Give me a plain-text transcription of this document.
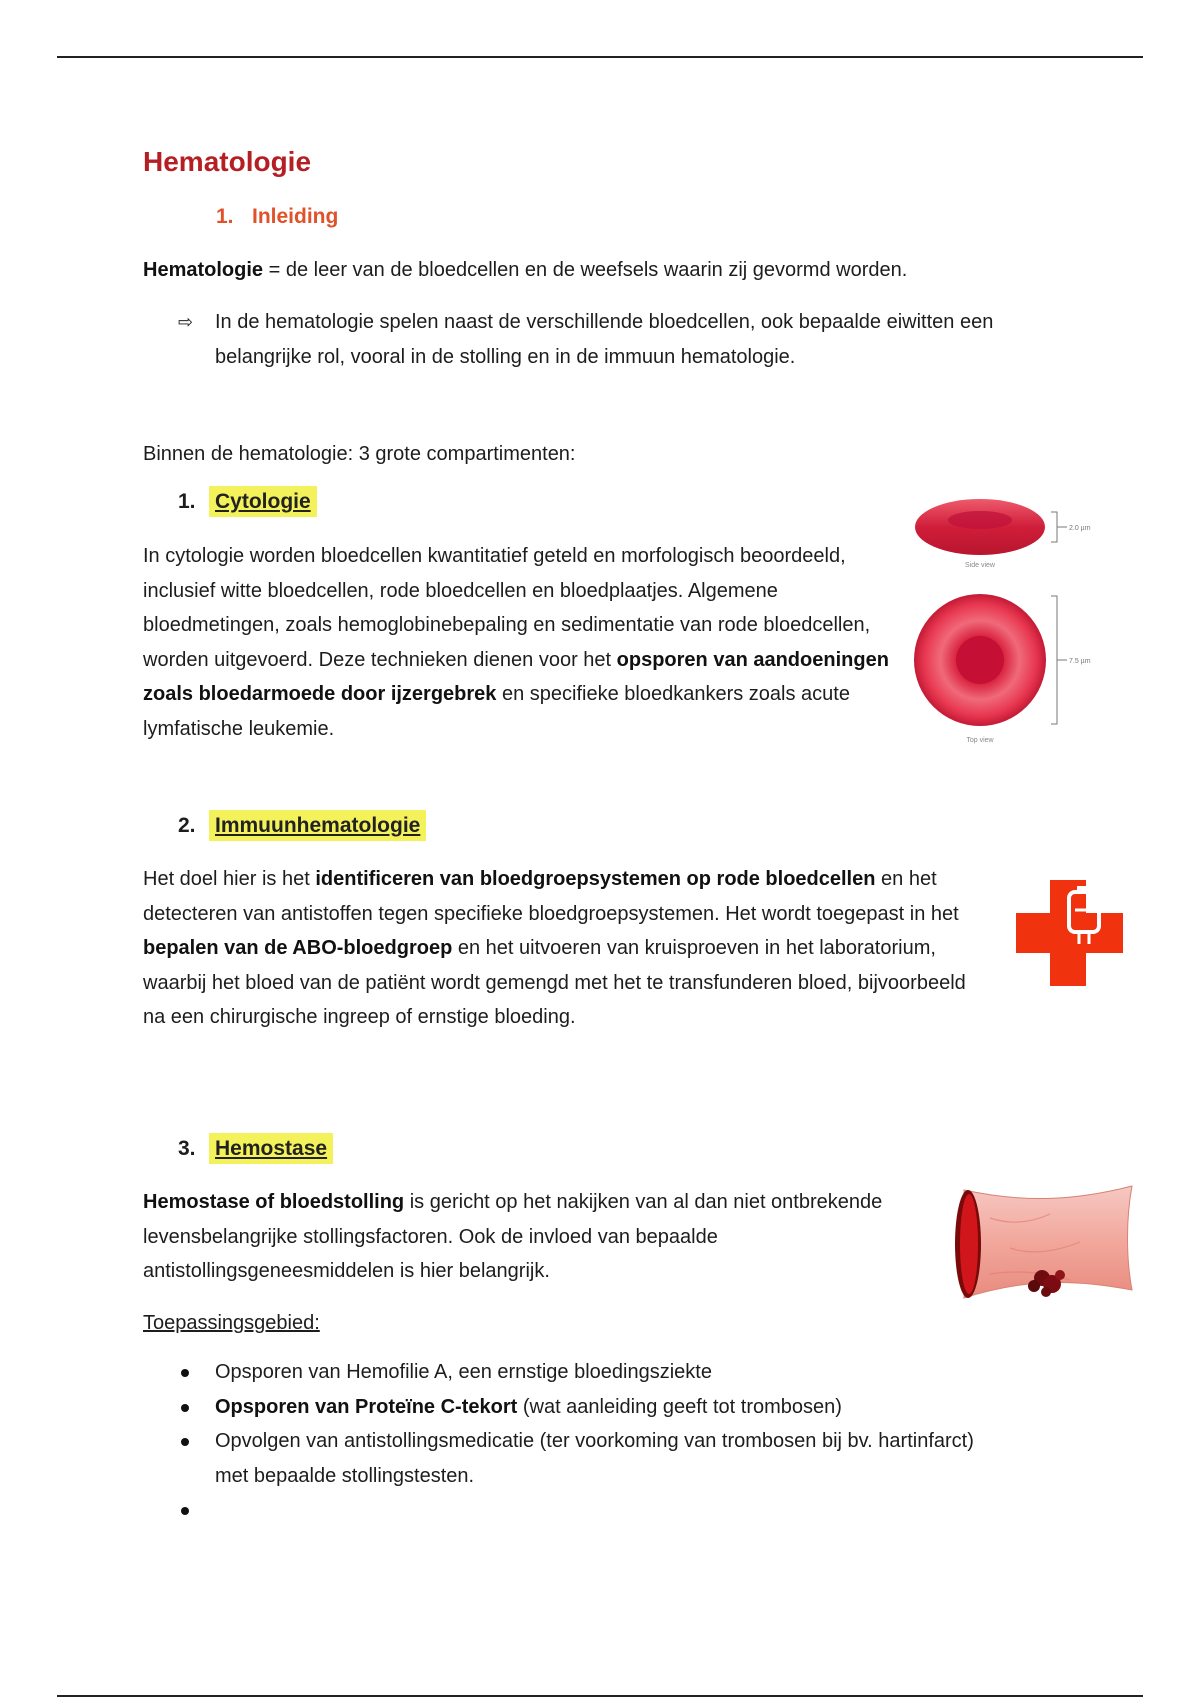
Hematologie
1. Inleiding
Hematologie = de leer van de bloedcellen en de weefsels waarin zij gevormd worden.
⇨ In de hematologie spelen naast de verschillende bloedcellen, ook bepaalde eiwitten een belangrijke rol, vooral in de stolling en in de immuun hematologie.
Binnen de hematologie: 3 grote compartimenten:
1. Cytologie
In cytologie worden bloedcellen kwantitatief geteld en morfologisch beoordeeld, inclusief witte bloedcellen, rode bloedcellen en bloedplaatjes. Algemene bloedmetingen, zoals hemoglobinebepaling en sedimentatie van rode bloedcellen, worden uitgevoerd. Deze technieken dienen voor het opsporen van aandoeningen zoals bloedarmoede door ijzergebrek en specifieke bloedkankers zoals acute lymfatische leukemie.
Side view
2.0 µm
7.5 µm
Top view
2. Immuunhematologie
Het doel hier is het identificeren van bloedgroepsystemen op rode bloedcellen en het detecteren van antistoffen tegen specifieke bloedgroepsystemen. Het wordt toegepast in het bepalen van de ABO-bloedgroep en het uitvoeren van kruisproeven in het laboratorium, waarbij het bloed van de patiënt wordt gemengd met het te transfunderen bloed, bijvoorbeeld na een chirurgische ingreep of ernstige bloeding.
3. Hemostase
Hemostase of bloedstolling is gericht op het nakijken van al dan niet ontbrekende levensbelangrijke stollingsfactoren. Ook de invloed van bepaalde antistollingsgeneesmiddelen is hier belangrijk.
Toepassingsgebied:
Opsporen van Hemofilie A, een ernstige bloedingsziekte
Opsporen van Proteïne C-tekort (wat aanleiding geeft tot trombosen)
Opvolgen van antistollingsmedicatie (ter voorkoming van trombosen bij bv. hartinfarct) met bepaalde stollingstesten.
